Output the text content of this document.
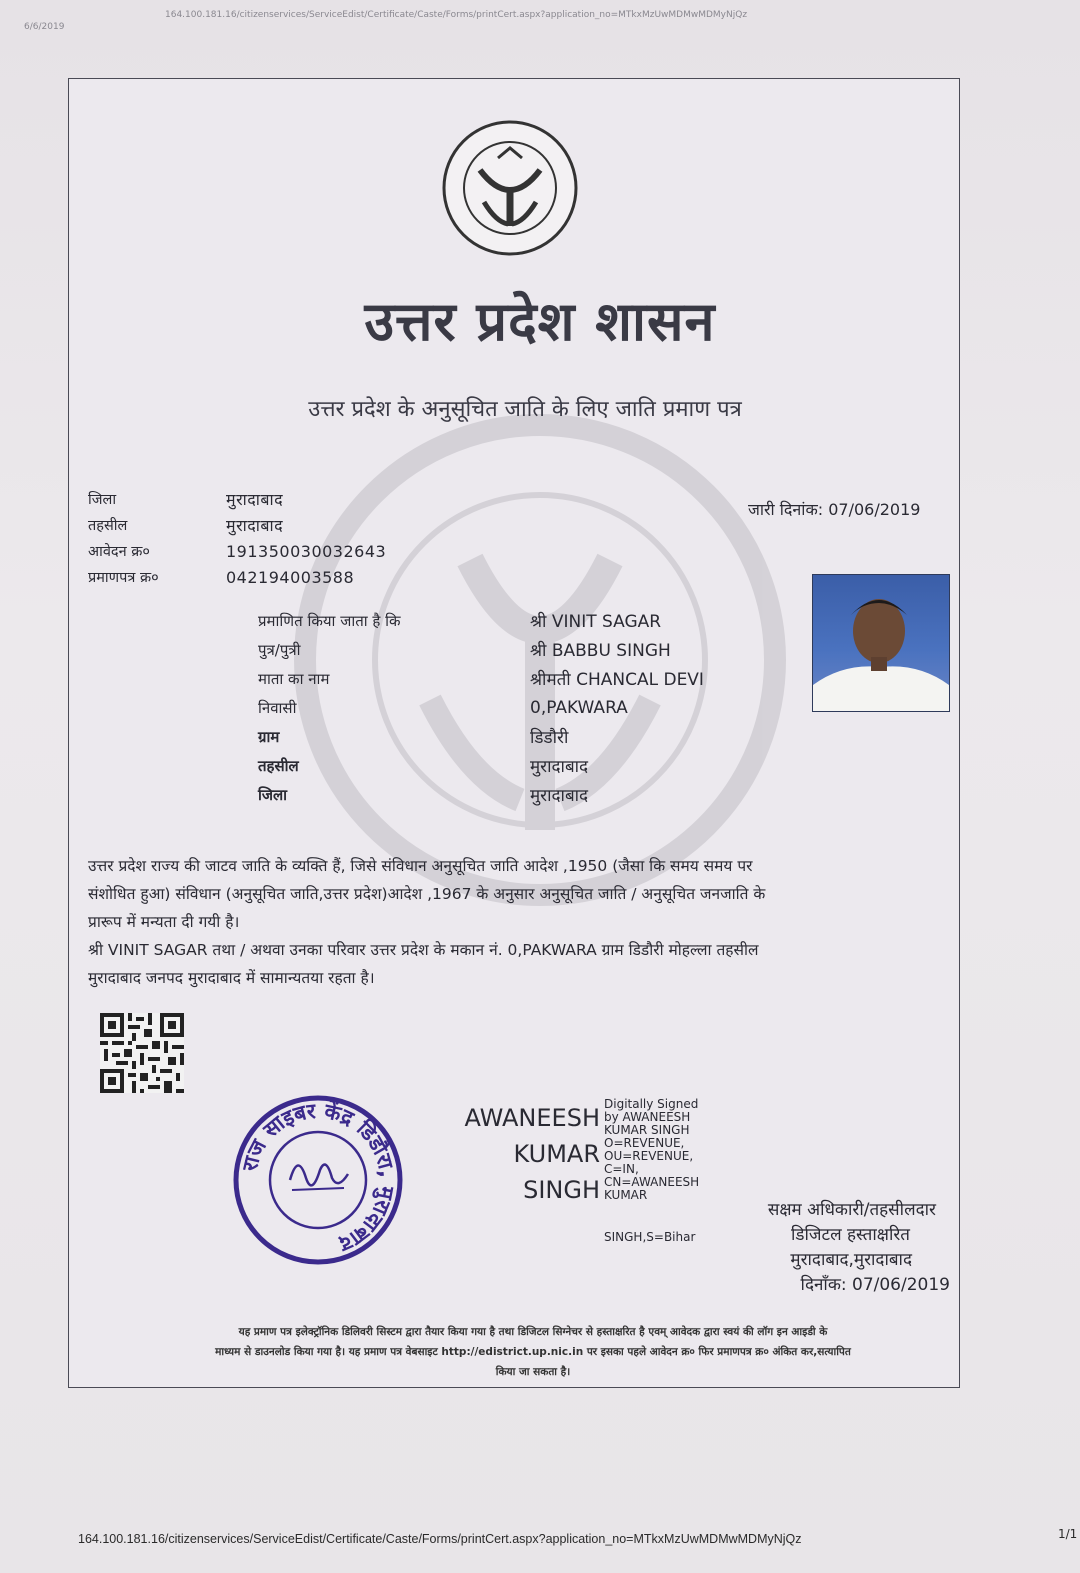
6/6/2019
164.100.181.16/citizenservices/ServiceEdist/Certificate/Caste/Forms/printCert.aspx?application_no=MTkxMzUwMDMwMDMyNjQz
उत्तर प्रदेश शासन
उत्तर प्रदेश के अनुसूचित जाति के लिए जाति प्रमाण पत्र
जिला	मुरादाबाद
तहसील	मुरादाबाद
आवेदन क्र०	191350030032643
प्रमाणपत्र क्र०	042194003588
जारी दिनांक: 07/06/2019
प्रमाणित किया जाता है कि	श्री VINIT SAGAR
पुत्र/पुत्री	श्री BABBU SINGH
माता का नाम	श्रीमती CHANCAL DEVI
निवासी	0,PAKWARA
ग्राम	डिडौरी
तहसील	मुरादाबाद
जिला	मुरादाबाद
उत्तर प्रदेश राज्य की जाटव जाति के व्यक्ति हैं, जिसे संविधान अनुसूचित जाति आदेश ,1950 (जैसा कि समय समय पर
संशोधित हुआ) संविधान (अनुसूचित जाति,उत्तर प्रदेश)आदेश ,1967 के अनुसार अनुसूचित जाति / अनुसूचित जनजाति के
प्रारूप में मन्यता दी गयी है।
श्री VINIT SAGAR तथा / अथवा उनका परिवार उत्तर प्रदेश के मकान नं. 0,PAKWARA ग्राम डिडौरी मोहल्ला तहसील
मुरादाबाद जनपद मुरादाबाद में सामान्यतया रहता है।
राज साइबर केंद्र डिडौरा, मुरादाबाद
AWANEESH
KUMAR
SINGH
Digitally Signed
by AWANEESH
KUMAR SINGH
O=REVENUE,
OU=REVENUE,
C=IN,
CN=AWANEESH
KUMAR
SINGH,S=Bihar
सक्षम अधिकारी/तहसीलदार
डिजिटल हस्ताक्षरित
मुरादाबाद,मुरादाबाद
दिनाँक: 07/06/2019
यह प्रमाण पत्र इलेक्ट्रॉनिक डिलिवरी सिस्टम द्वारा तैयार किया गया है तथा डिजिटल सिग्नेचर से हस्ताक्षरित है एवम् आवेदक द्वारा स्वयं की लॉग इन आइडी के
माध्यम से डाउनलोड किया गया है। यह प्रमाण पत्र वेबसाइट http://edistrict.up.nic.in पर इसका पहले आवेदन क्र० फिर प्रमाणपत्र क्र० अंकित कर,सत्यापित
किया जा सकता है।
164.100.181.16/citizenservices/ServiceEdist/Certificate/Caste/Forms/printCert.aspx?application_no=MTkxMzUwMDMwMDMyNjQz	1/1
